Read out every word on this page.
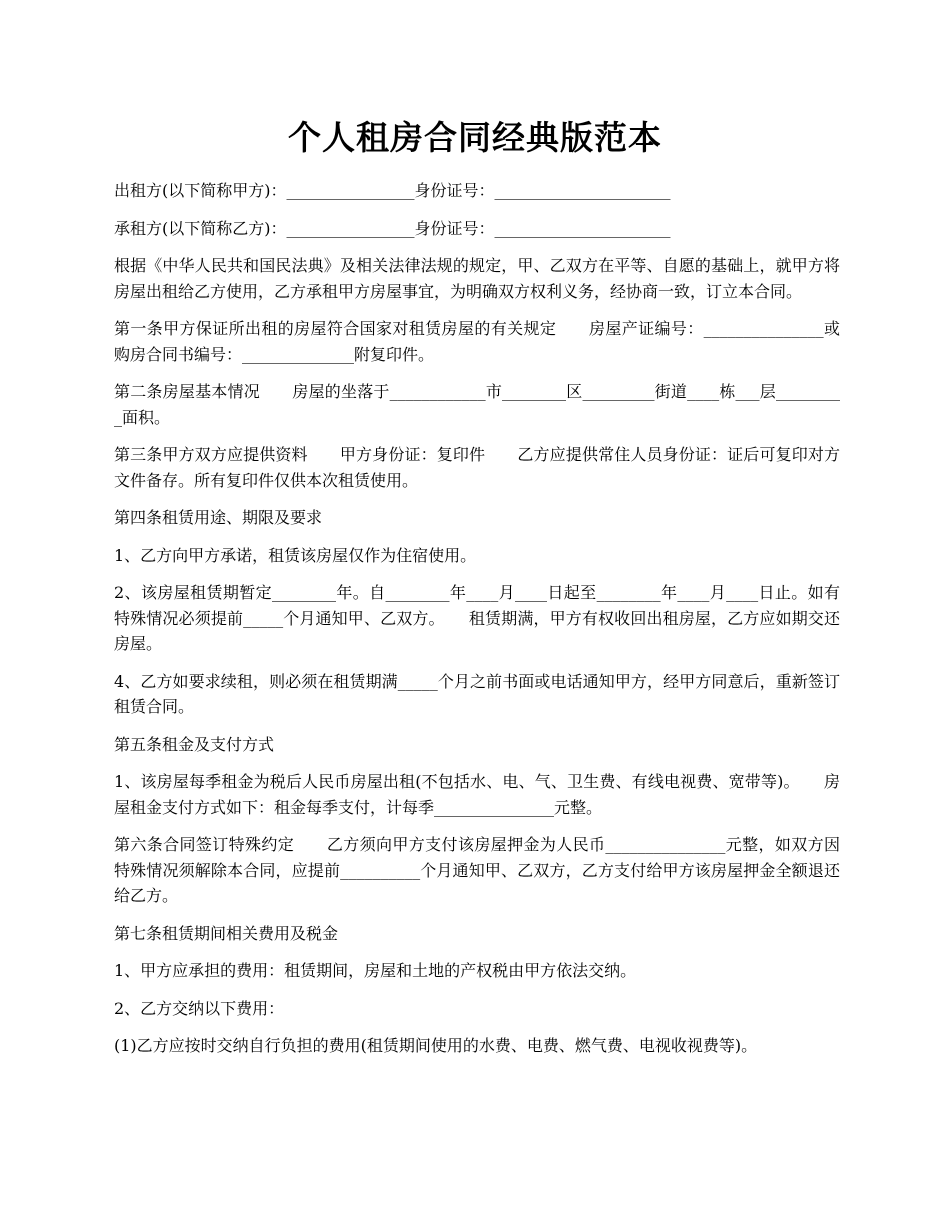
个人租房合同经典版范本

出租方(以下简称甲方)：________________身份证号：______________________

承租方(以下简称乙方)：________________身份证号：______________________

根据《中华人民共和国民法典》及相关法律法规的规定，甲、乙双方在平等、自愿的基础上，就甲方将房屋出租给乙方使用，乙方承租甲方房屋事宜，为明确双方权利义务，经协商一致，订立本合同。

第一条甲方保证所出租的房屋符合国家对租赁房屋的有关规定　　房屋产证编号：_______________或购房合同书编号：______________附复印件。

第二条房屋基本情况　　房屋的坐落于____________市________区_________街道____栋___层_________面积。

第三条甲方双方应提供资料　　甲方身份证：复印件　　乙方应提供常住人员身份证：证后可复印对方文件备存。所有复印件仅供本次租赁使用。

第四条租赁用途、期限及要求

1、乙方向甲方承诺，租赁该房屋仅作为住宿使用。

2、该房屋租赁期暂定________年。自________年____月____日起至________年____月____日止。如有特殊情况必须提前_____个月通知甲、乙双方。　　租赁期满，甲方有权收回出租房屋，乙方应如期交还房屋。

4、乙方如要求续租，则必须在租赁期满_____个月之前书面或电话通知甲方，经甲方同意后，重新签订租赁合同。

第五条租金及支付方式

1、该房屋每季租金为税后人民币房屋出租(不包括水、电、气、卫生费、有线电视费、宽带等)。　　房屋租金支付方式如下：租金每季支付，计每季_______________元整。

第六条合同签订特殊约定　　乙方须向甲方支付该房屋押金为人民币_______________元整，如双方因特殊情况须解除本合同，应提前__________个月通知甲、乙双方，乙方支付给甲方该房屋押金全额退还给乙方。

第七条租赁期间相关费用及税金

1、甲方应承担的费用：租赁期间，房屋和土地的产权税由甲方依法交纳。

2、乙方交纳以下费用：

(1)乙方应按时交纳自行负担的费用(租赁期间使用的水费、电费、燃气费、电视收视费等)。
